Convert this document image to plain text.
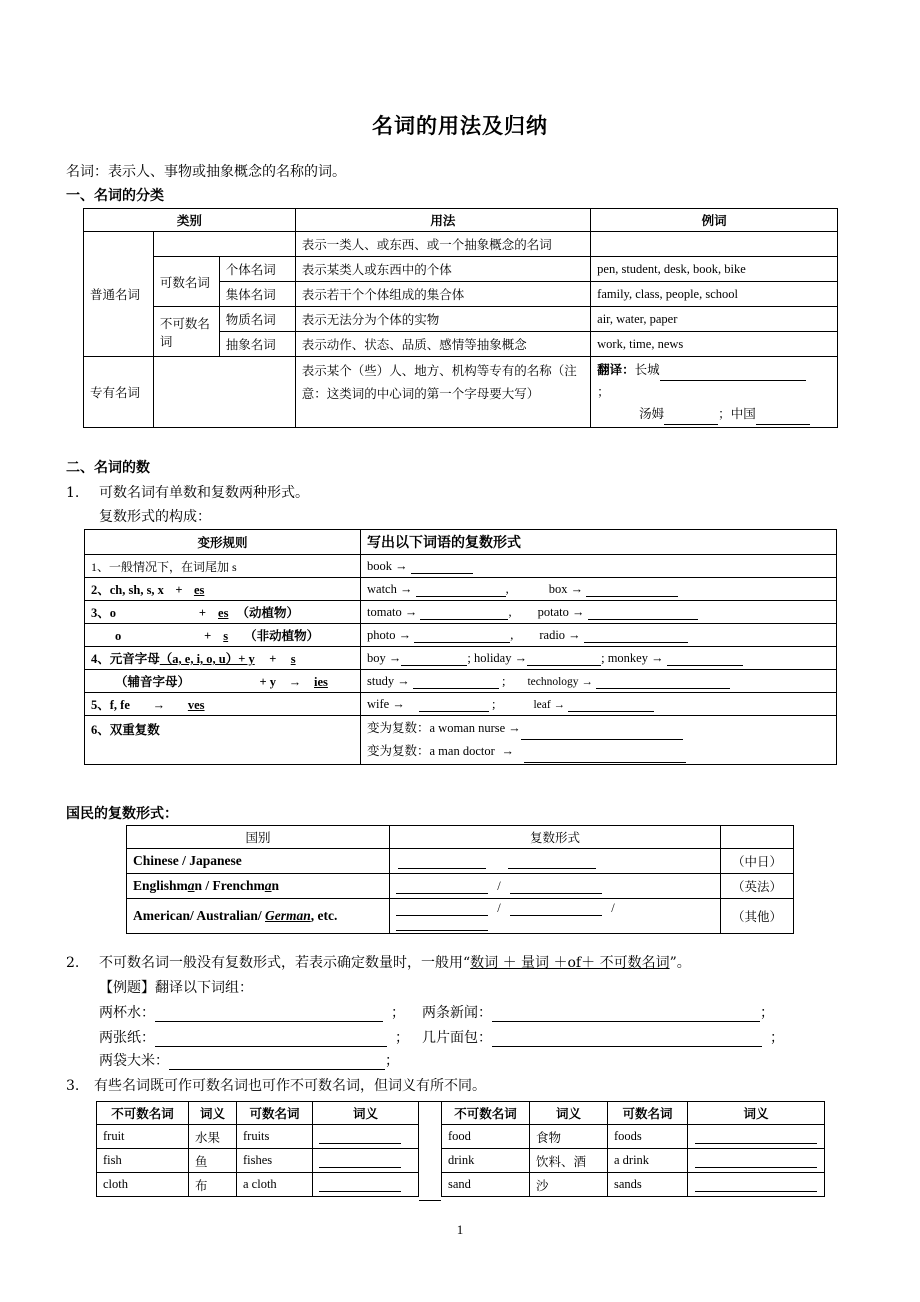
名词的用法及归纳
名词：表示人、事物或抽象概念的名称的词。
一、名词的分类
类别			用法	例词
普通名词			表示一类人、或东西、或一个抽象概念的名词	
	可数名词	个体名词	表示某类人或东西中的个体	pen, student, desk, book, bike
		集体名词	表示若干个个体组成的集合体	family, class, people, school
	不可数名词	物质名词	表示无法分为个体的实物	air, water, paper
		抽象名词	表示动作、状态、品质、感情等抽象概念	work, time, news
专有名词			表示某个（些）人、地方、机构等专有的名称（注意：这类词的中心词的第一个字母要大写）	翻译：长城
；
汤姆 ；中国
二、名词的数
1. 可数名词有单数和复数两种形式。
复数形式的构成：
变形规则	写出以下词语的复数形式
1、一般情况下，在词尾加 s	book →
2、ch, sh, s, x + es	watch → , box →
3、o + es （动植物）	tomato → , potato →
o + s （非动植物）	photo → , radio →
4、元音字母（a, e, i, o, u）+ y + s	boy → ; holiday → ; monkey →
（辅音字母） + y → ies	study → ; technology →
5、f, fe → ves	wife → ; leaf →
6、双重复数	变为复数：a woman nurse →
变为复数：a man doctor →
国民的复数形式：
国别	复数形式	
Chinese / Japanese		（中日）
Englishman / Frenchman	/	（英法）
American/ Australian/ German, etc.	/ /	（其他）
2. 不可数名词一般没有复数形式，若表示确定数量时，一般用“数词 ＋ 量词 ＋of＋ 不可数名词”。
【例题】翻译以下词组：
两杯水：	； 两条新闻：	；
两张纸：	； 几片面包：	；
两袋大米：	；
3. 有些名词既可作可数名词也可作不可数名词，但词义有所不同。
不可数名词	词义	可数名词	词义
fruit	水果	fruits	
fish	鱼	fishes	
cloth	布	a cloth	
不可数名词	词义	可数名词	词义
food	食物	foods	
drink	饮料、酒	a drink	
sand	沙	sands	
1
